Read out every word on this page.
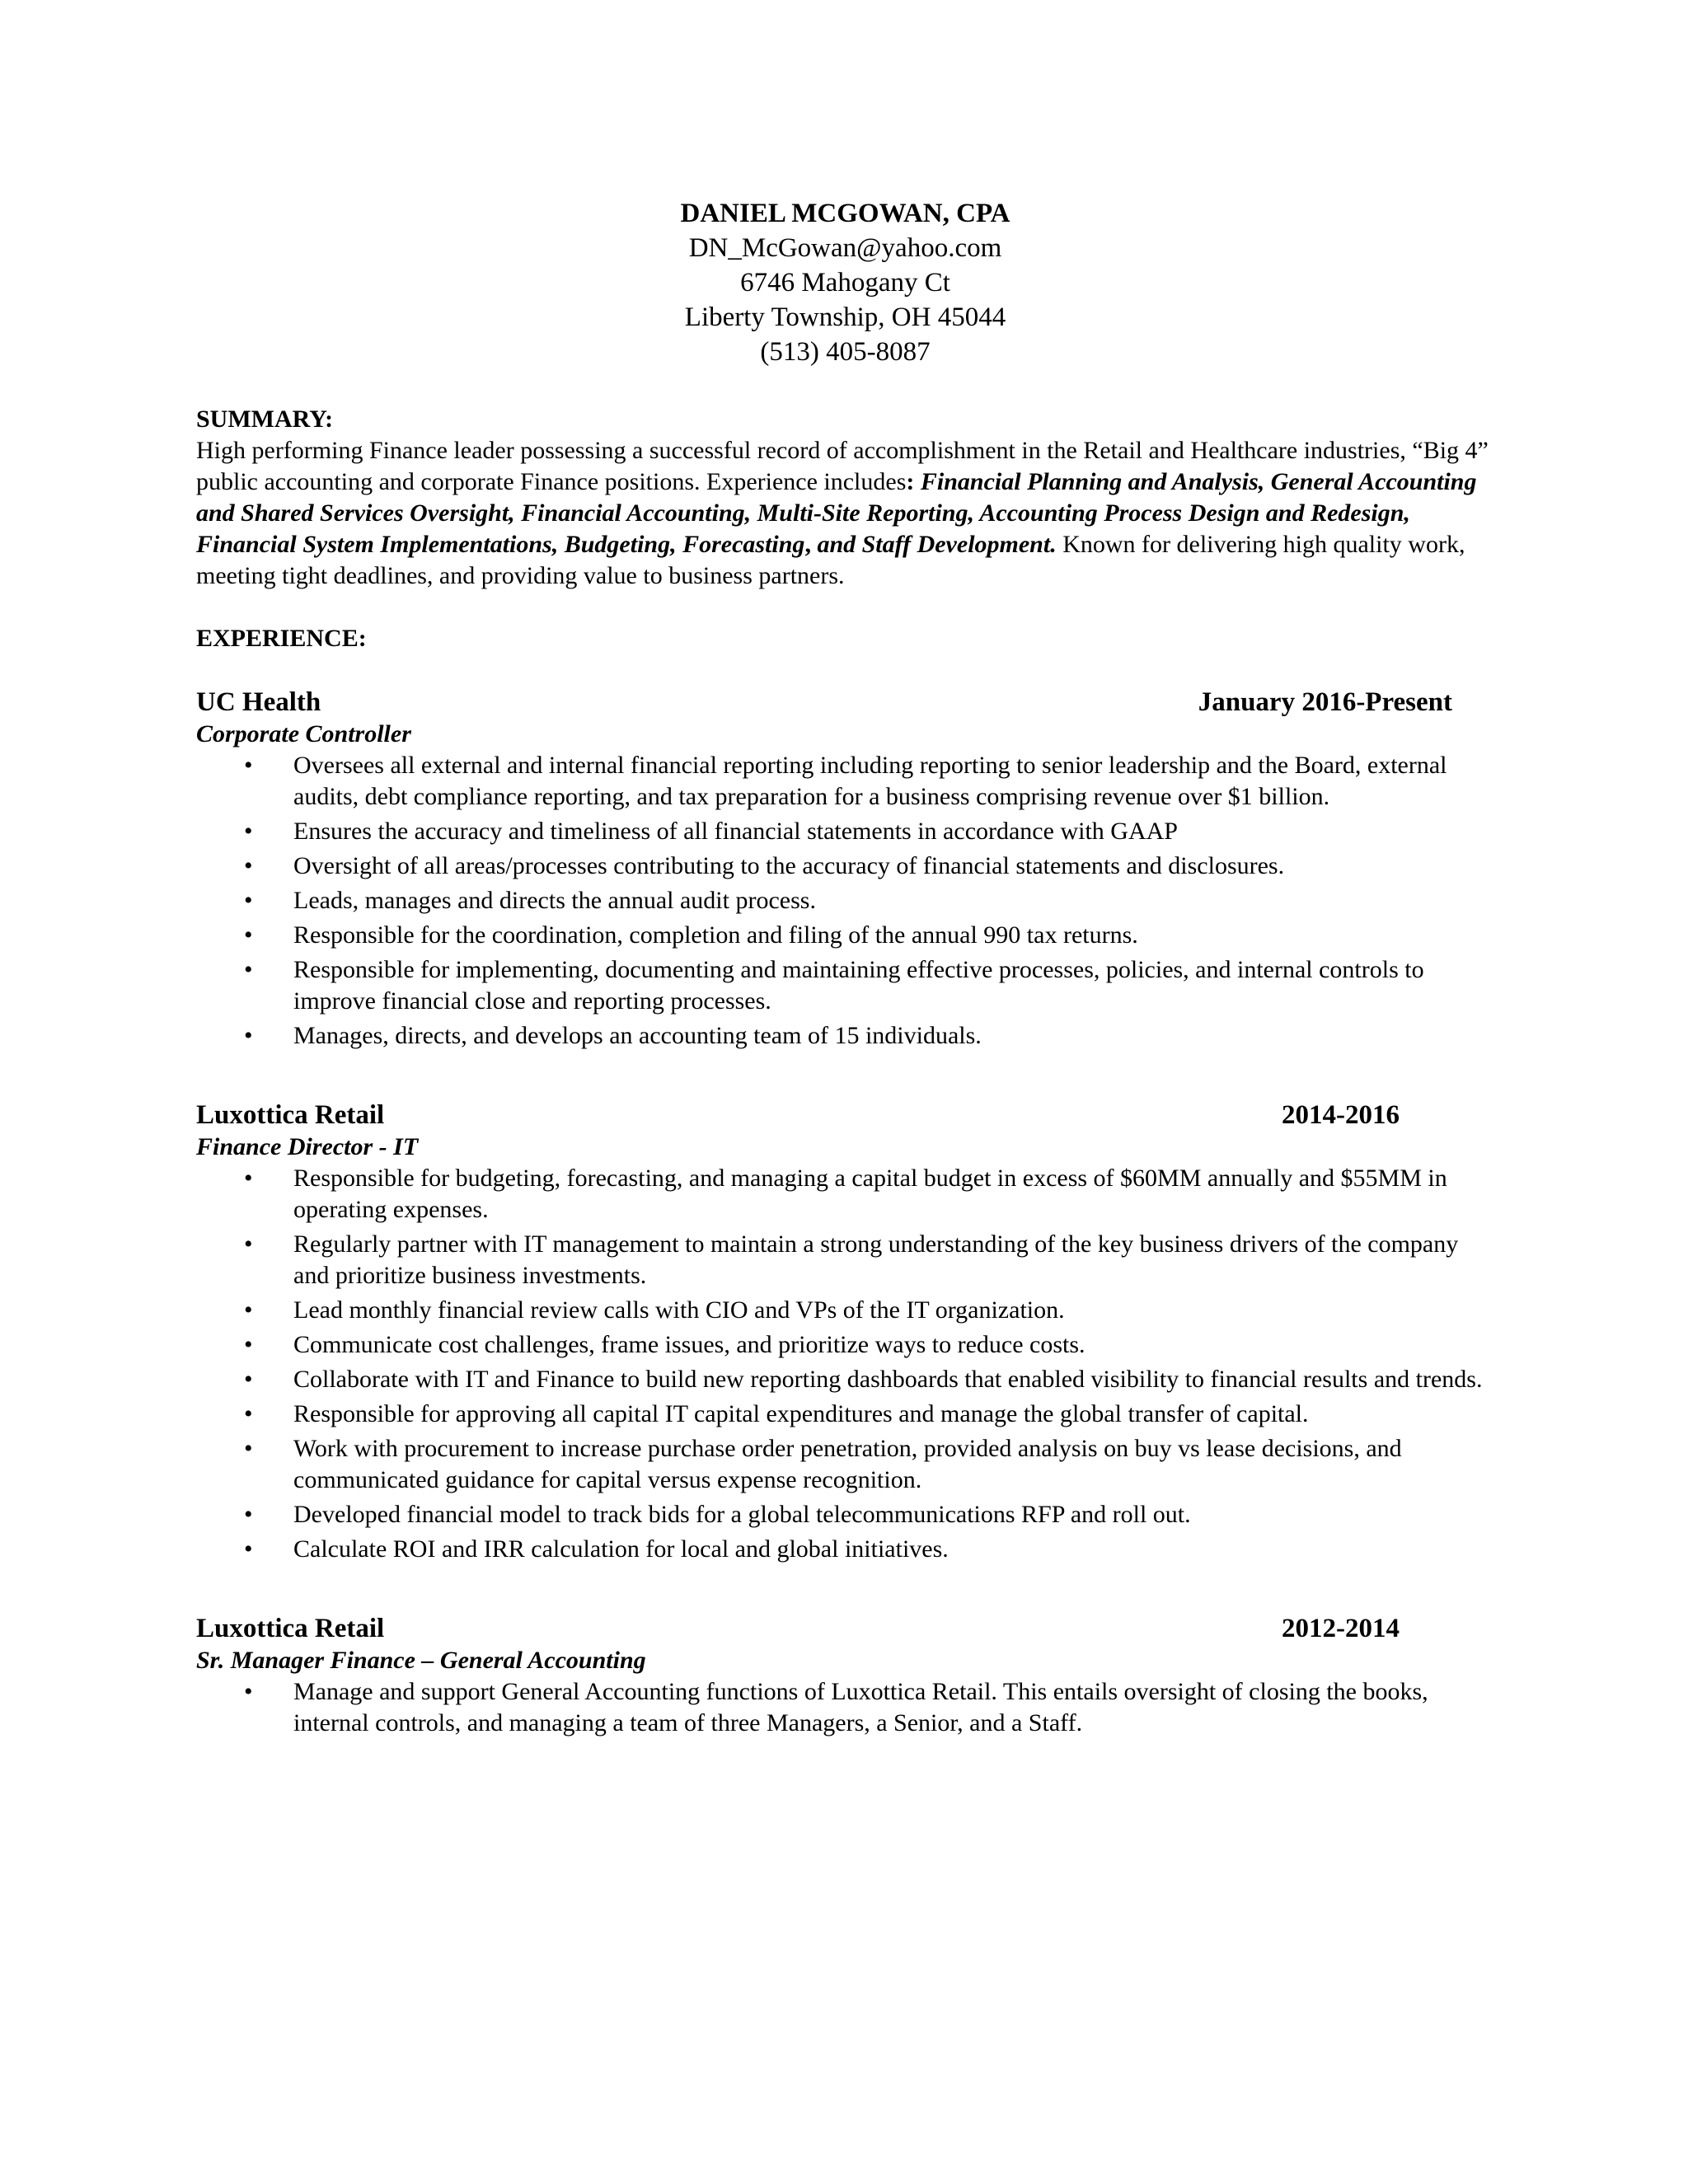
DANIEL MCGOWAN, CPA
DN_McGowan@yahoo.com
6746 Mahogany Ct
Liberty Township, OH 45044
(513) 405-8087
SUMMARY:

High performing Finance leader possessing a successful record of accomplishment in the Retail and Healthcare industries, “Big 4” public accounting and corporate Finance positions. Experience includes: Financial Planning and Analysis, General Accounting and Shared Services Oversight, Financial Accounting, Multi-Site Reporting, Accounting Process Design and Redesign, Financial System Implementations, Budgeting, Forecasting, and Staff Development. Known for delivering high quality work, meeting tight deadlines, and providing value to business partners.

EXPERIENCE:
UC Health	January 2016-Present
Corporate Controller
• Oversees all external and internal financial reporting including reporting to senior leadership and the Board, external audits, debt compliance reporting, and tax preparation for a business comprising revenue over $1 billion.
• Ensures the accuracy and timeliness of all financial statements in accordance with GAAP
• Oversight of all areas/processes contributing to the accuracy of financial statements and disclosures.
• Leads, manages and directs the annual audit process.
• Responsible for the coordination, completion and filing of the annual 990 tax returns.
• Responsible for implementing, documenting and maintaining effective processes, policies, and internal controls to improve financial close and reporting processes.
• Manages, directs, and develops an accounting team of 15 individuals.
Luxottica Retail	2014-2016
Finance Director - IT
• Responsible for budgeting, forecasting, and managing a capital budget in excess of $60MM annually and $55MM in operating expenses.
• Regularly partner with IT management to maintain a strong understanding of the key business drivers of the company and prioritize business investments.
• Lead monthly financial review calls with CIO and VPs of the IT organization.
• Communicate cost challenges, frame issues, and prioritize ways to reduce costs.
• Collaborate with IT and Finance to build new reporting dashboards that enabled visibility to financial results and trends.
• Responsible for approving all capital IT capital expenditures and manage the global transfer of capital.
• Work with procurement to increase purchase order penetration, provided analysis on buy vs lease decisions, and communicated guidance for capital versus expense recognition.
• Developed financial model to track bids for a global telecommunications RFP and roll out.
• Calculate ROI and IRR calculation for local and global initiatives.
Luxottica Retail	2012-2014
Sr. Manager Finance – General Accounting
• Manage and support General Accounting functions of Luxottica Retail. This entails oversight of closing the books, internal controls, and managing a team of three Managers, a Senior, and a Staff.
